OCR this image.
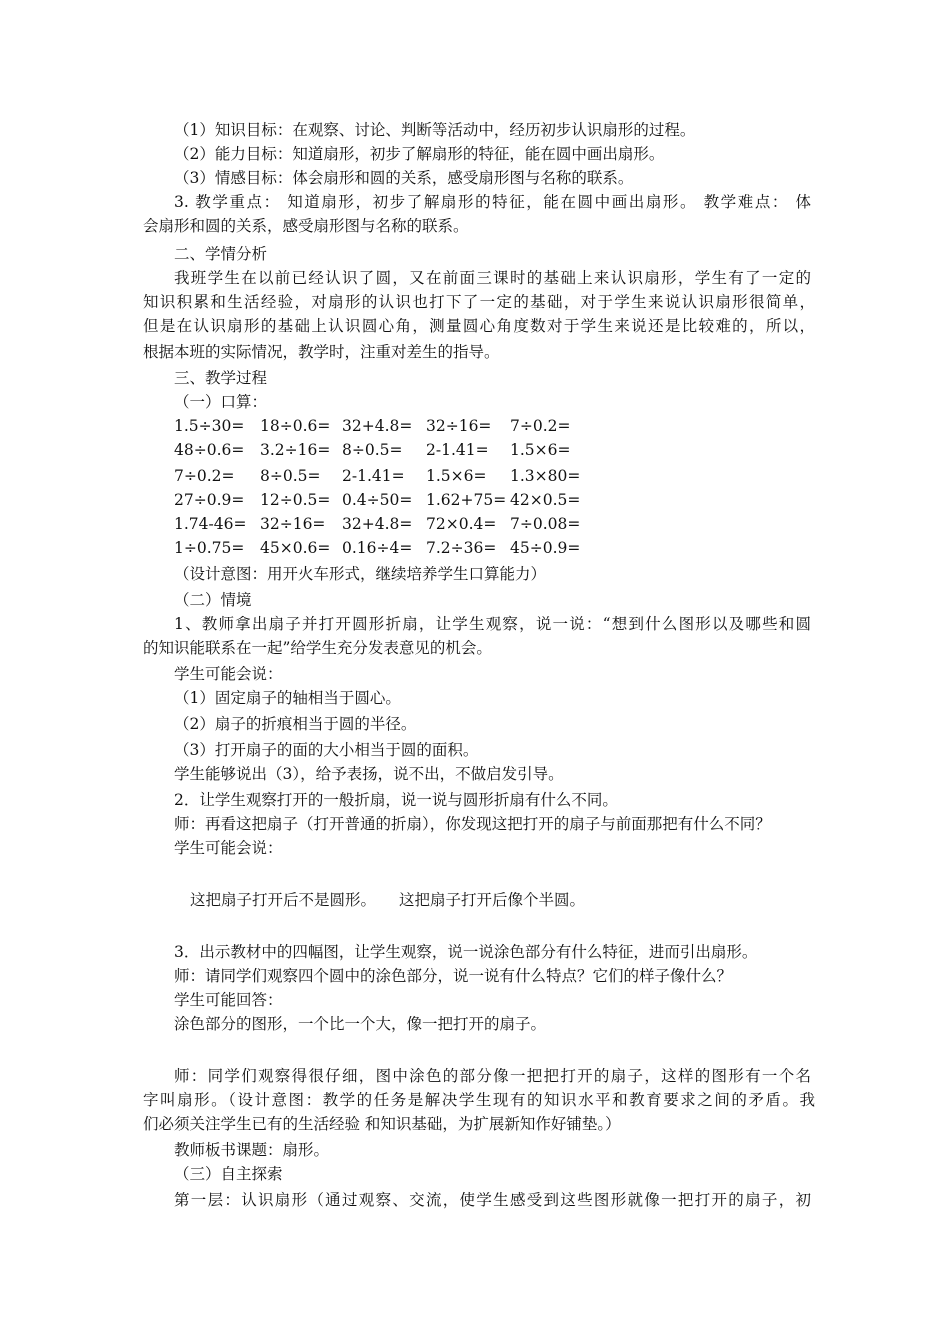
（1）知识目标：在观察、讨论、判断等活动中，经历初步认识扇形的过程。
（2）能力目标：知道扇形，初步了解扇形的特征，能在圆中画出扇形。
（3）情感目标：体会扇形和圆的关系，感受扇形图与名称的联系。
3. 教学重点： 知道扇形，初步了解扇形的特征，能在圆中画出扇形。 教学难点： 体
会扇形和圆的关系，感受扇形图与名称的联系。
二、学情分析
我班学生在以前已经认识了圆，又在前面三课时的基础上来认识扇形，学生有了一定的
知识积累和生活经验，对扇形的认识也打下了一定的基础，对于学生来说认识扇形很简单，
但是在认识扇形的基础上认识圆心角，测量圆心角度数对于学生来说还是比较难的，所以，
根据本班的实际情况，教学时，注重对差生的指导。
三、教学过程
（一）口算：
1.5÷30= 18÷0.6= 32+4.8= 32÷16= 7÷0.2=
48÷0.6= 3.2÷16= 8÷0.5= 2-1.41= 1.5×6=
7÷0.2= 8÷0.5= 2-1.41= 1.5×6= 1.3×80=
27÷0.9= 12÷0.5= 0.4÷50= 1.62+75= 42×0.5=
1.74-46= 32÷16= 32+4.8= 72×0.4= 7÷0.08=
1÷0.75= 45×0.6= 0.16÷4= 7.2÷36= 45÷0.9=
（设计意图：用开火车形式，继续培养学生口算能力）
（二）情境
1、教师拿出扇子并打开圆形折扇，让学生观察，说一说：“想到什么图形以及哪些和圆
的知识能联系在一起”给学生充分发表意见的机会。
学生可能会说：
（1）固定扇子的轴相当于圆心。
（2）扇子的折痕相当于圆的半径。
（3）打开扇子的面的大小相当于圆的面积。
学生能够说出（3），给予表扬，说不出，不做启发引导。
2．让学生观察打开的一般折扇，说一说与圆形折扇有什么不同。
师：再看这把扇子（打开普通的折扇），你发现这把打开的扇子与前面那把有什么不同？
学生可能会说：
这把扇子打开后不是圆形。 这把扇子打开后像个半圆。
3．出示教材中的四幅图，让学生观察，说一说涂色部分有什么特征，进而引出扇形。
师：请同学们观察四个圆中的涂色部分，说一说有什么特点？它们的样子像什么？
学生可能回答：
涂色部分的图形，一个比一个大，像一把打开的扇子。
师：同学们观察得很仔细，图中涂色的部分像一把把打开的扇子，这样的图形有一个名
字叫扇形。（设计意图：教学的任务是解决学生现有的知识水平和教育要求之间的矛盾。我
们必须关注学生已有的生活经验 和知识基础，为扩展新知作好铺垫。）
教师板书课题：扇形。
（三）自主探索
第一层：认识扇形（通过观察、交流，使学生感受到这些图形就像一把打开的扇子，初
